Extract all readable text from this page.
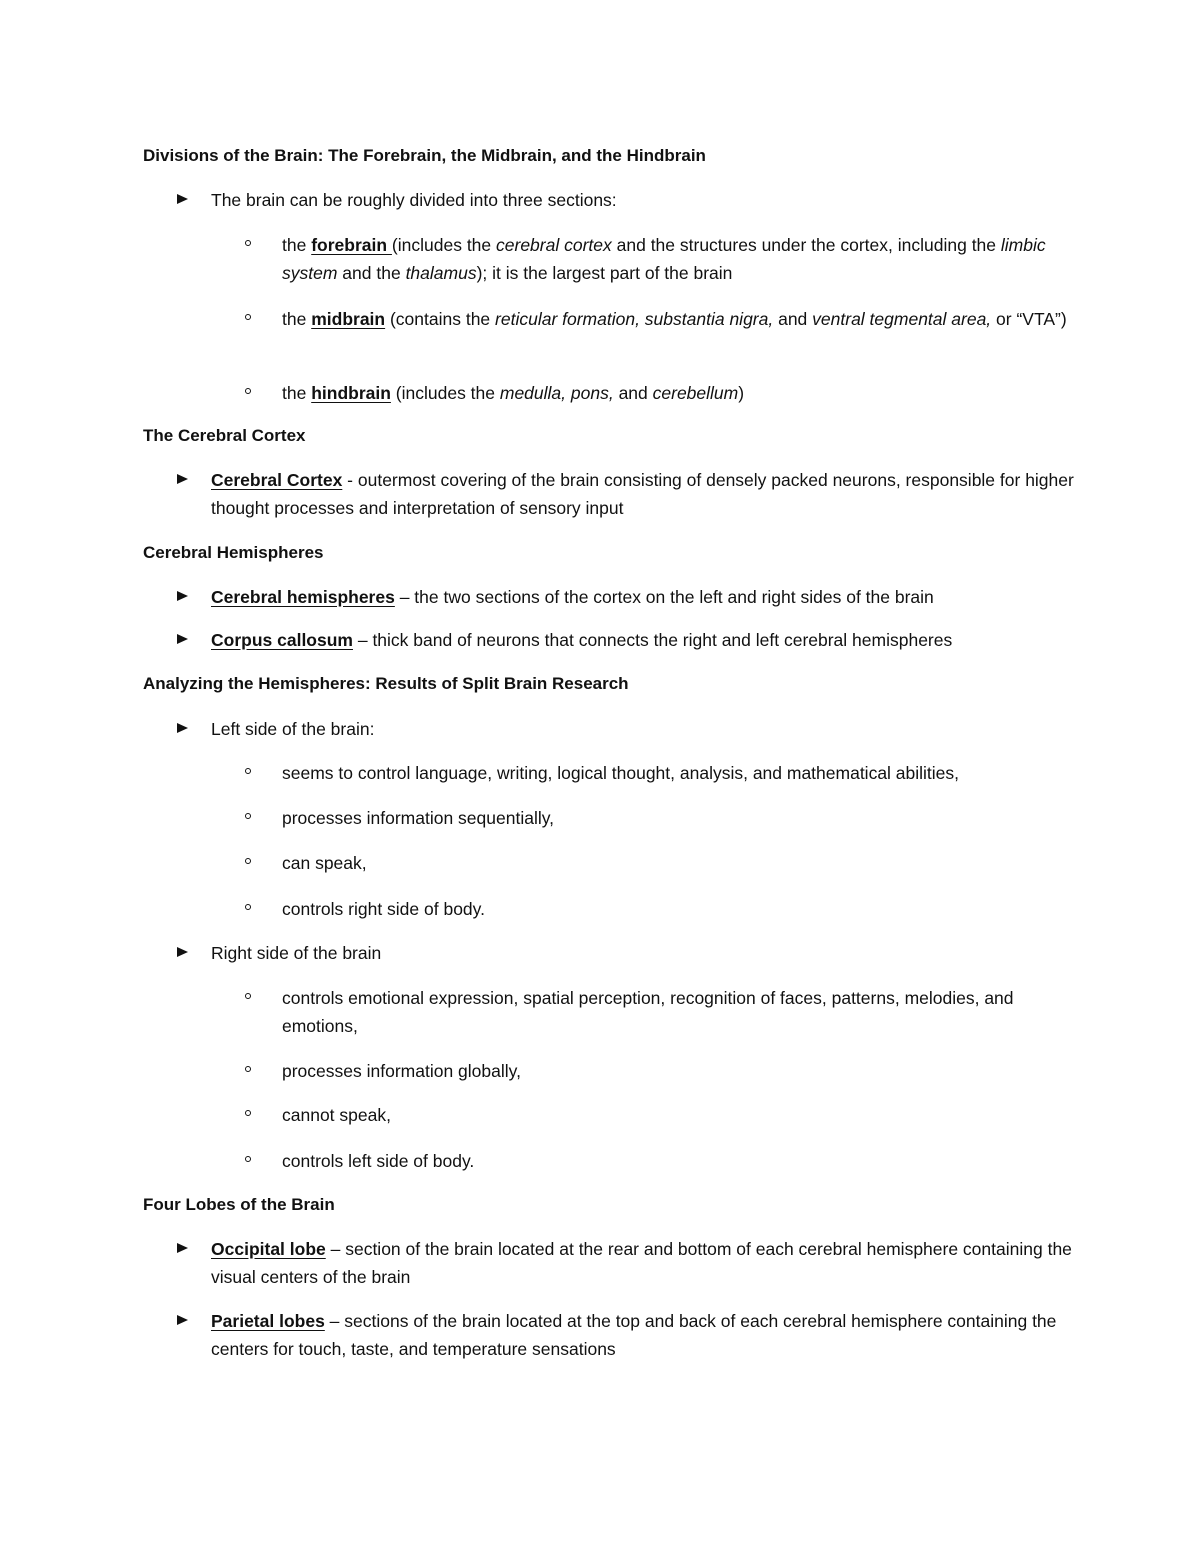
Divisions of the Brain: The Forebrain, the Midbrain, and the Hindbrain
The brain can be roughly divided into three sections:
the forebrain (includes the cerebral cortex and the structures under the cortex, including the limbic system and the thalamus); it is the largest part of the brain
the midbrain (contains the reticular formation, substantia nigra, and ventral tegmental area, or “VTA”)
the hindbrain (includes the medulla, pons, and cerebellum)
The Cerebral Cortex
Cerebral Cortex - outermost covering of the brain consisting of densely packed neurons, responsible for higher thought processes and interpretation of sensory input
Cerebral Hemispheres
Cerebral hemispheres – the two sections of the cortex on the left and right sides of the brain
Corpus callosum – thick band of neurons that connects the right and left cerebral hemispheres
Analyzing the Hemispheres: Results of Split Brain Research
Left side of the brain:
seems to control language, writing, logical thought, analysis, and mathematical abilities,
processes information sequentially,
can speak,
controls right side of body.
Right side of the brain
controls emotional expression, spatial perception, recognition of faces, patterns, melodies, and emotions,
processes information globally,
cannot speak,
controls left side of body.
Four Lobes of the Brain
Occipital lobe – section of the brain located at the rear and bottom of each cerebral hemisphere containing the visual centers of the brain
Parietal lobes – sections of the brain located at the top and back of each cerebral hemisphere containing the centers for touch, taste, and temperature sensations
